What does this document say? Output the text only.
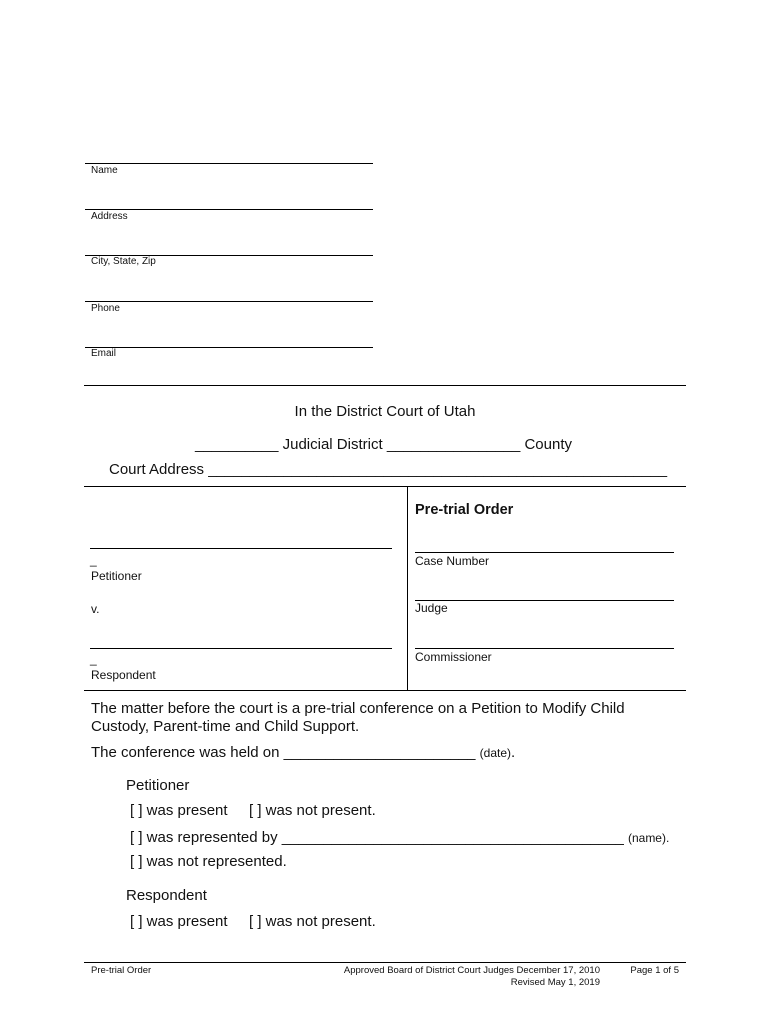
Name
Address
City, State, Zip
Phone
Email
In the District Court of Utah
__________ Judicial District ________________ County
Court Address _______________________________________________________
_
Petitioner
v.
_
Respondent
Pre-trial Order
Case Number
Judge
Commissioner
The matter before the court is a pre-trial conference on a Petition to Modify Child Custody, Parent-time and Child Support.
The conference was held on _______________________ (date).
Petitioner
[ ] was present [ ] was not present.
[ ] was represented by _________________________________________ (name).
[ ] was not represented.
Respondent
[ ] was present [ ] was not present.
Pre-trial Order	Approved Board of District Court Judges December 17, 2010
Revised May 1, 2019
Page 1 of 5
